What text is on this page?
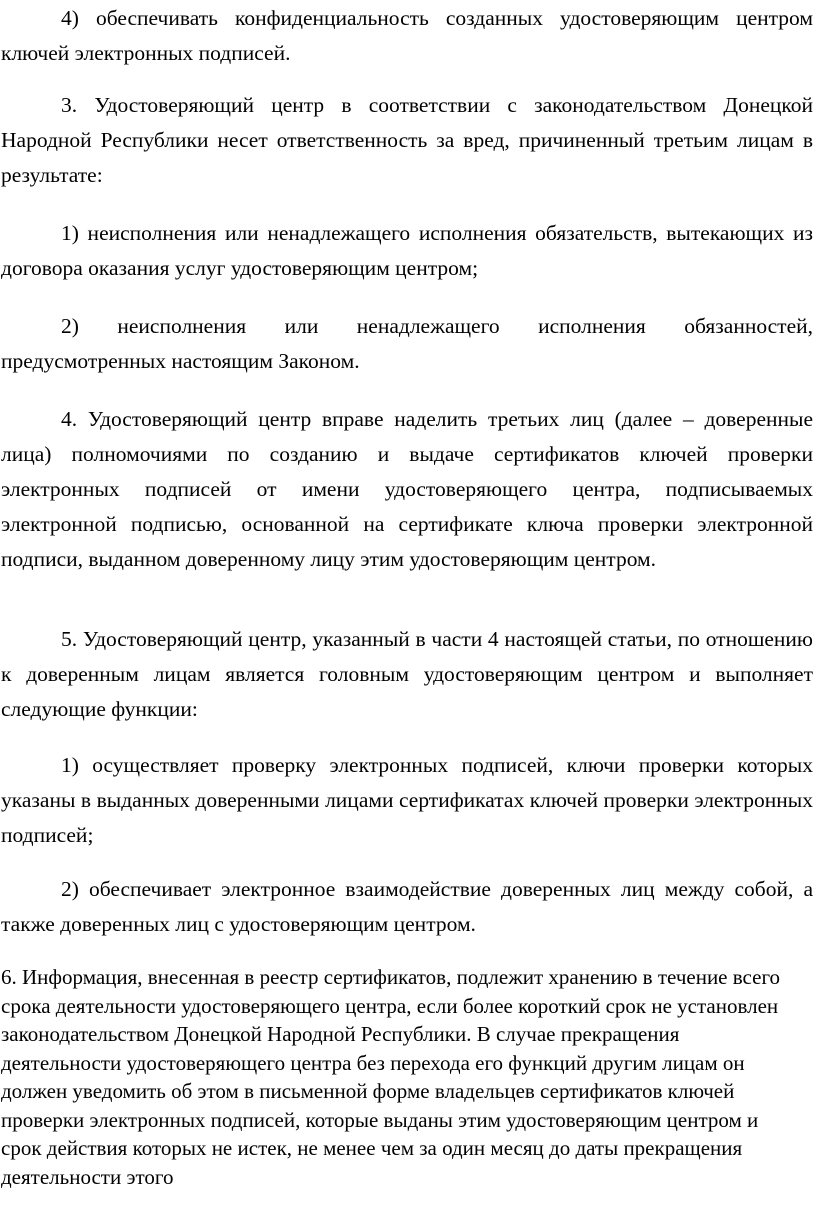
4) обеспечивать конфиденциальность созданных удостоверяющим центром ключей электронных подписей.

3. Удостоверяющий центр в соответствии с законодательством Донецкой Народной Республики несет ответственность за вред, причиненный третьим лицам в результате:

1) неисполнения или ненадлежащего исполнения обязательств, вытекающих из договора оказания услуг удостоверяющим центром;

2) неисполнения или ненадлежащего исполнения обязанностей, предусмотренных настоящим Законом.

4. Удостоверяющий центр вправе наделить третьих лиц (далее – доверенные лица) полномочиями по созданию и выдаче сертификатов ключей проверки электронных подписей от имени удостоверяющего центра, подписываемых электронной подписью, основанной на сертификате ключа проверки электронной подписи, выданном доверенному лицу этим удостоверяющим центром.

5. Удостоверяющий центр, указанный в части 4 настоящей статьи, по отношению к доверенным лицам является головным удостоверяющим центром и выполняет следующие функции:

1) осуществляет проверку электронных подписей, ключи проверки которых указаны в выданных доверенными лицами сертификатах ключей проверки электронных подписей;

2) обеспечивает электронное взаимодействие доверенных лиц между собой, а также доверенных лиц с удостоверяющим центром.

6. Информация, внесенная в реестр сертификатов, подлежит хранению в течение всего срока деятельности удостоверяющего центра, если более короткий срок не установлен законодательством Донецкой Народной Республики. В случае прекращения деятельности удостоверяющего центра без перехода его функций другим лицам он должен уведомить об этом в письменной форме владельцев сертификатов ключей проверки электронных подписей, которые выданы этим удостоверяющим центром и срок действия которых не истек, не менее чем за один месяц до даты прекращения деятельности этого
